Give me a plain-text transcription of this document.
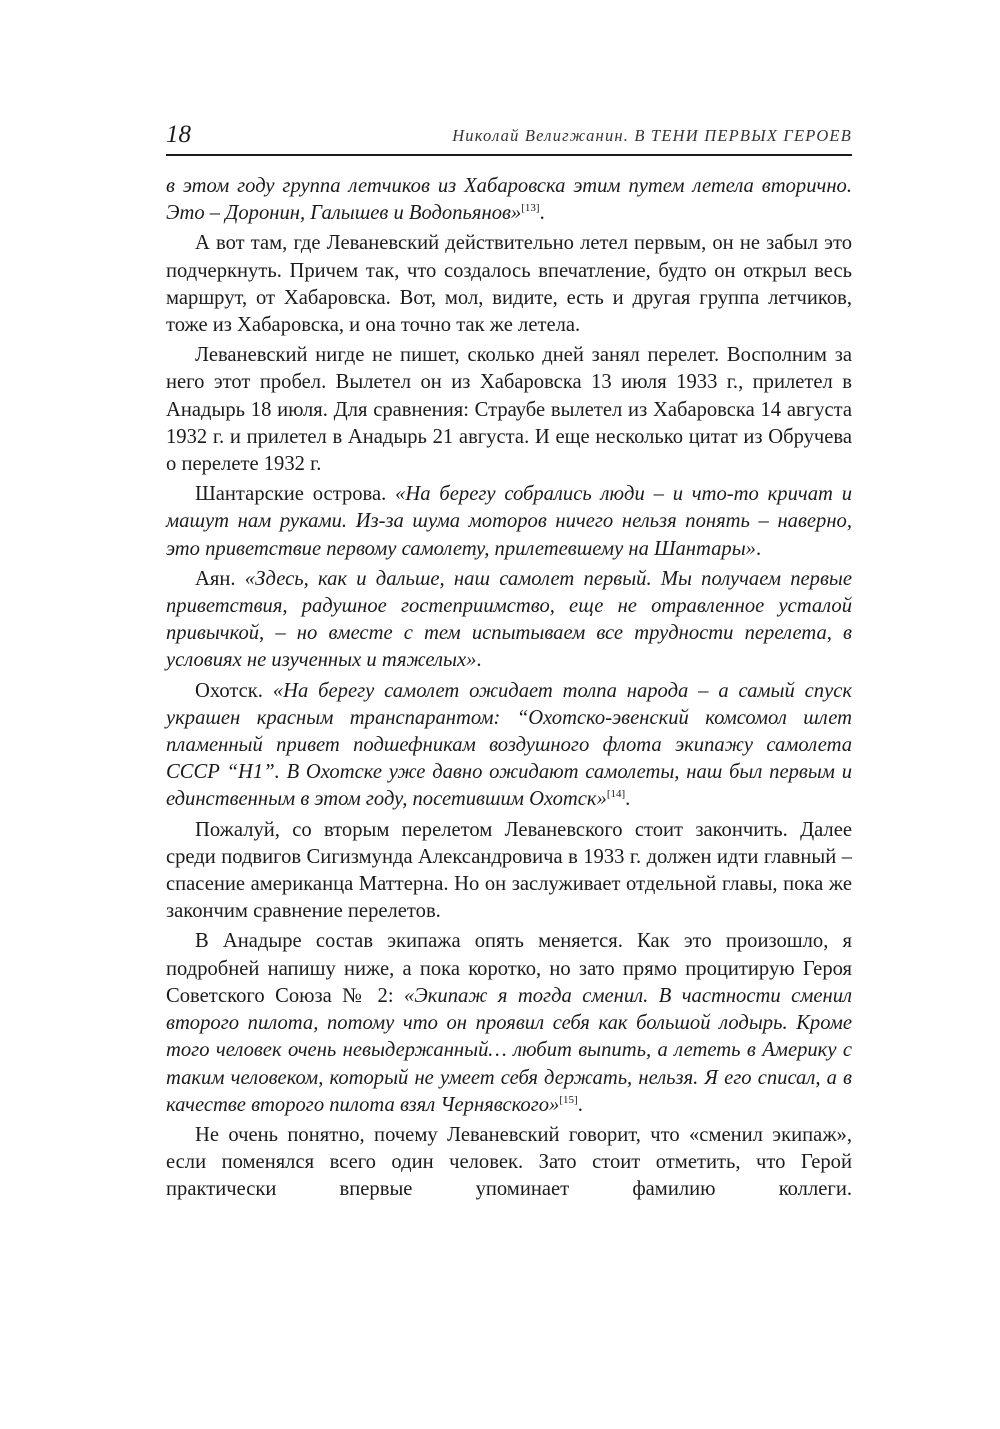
18	Николай Велигжанин. В ТЕНИ ПЕРВЫХ ГЕРОЕВ

в этом году группа летчиков из Хабаровска этим путем летела вторично. Это – Доронин, Галышев и Водопьянов»[13].

А вот там, где Леваневский действительно летел первым, он не забыл это подчеркнуть. Причем так, что создалось впечатление, будто он открыл весь маршрут, от Хабаровска. Вот, мол, видите, есть и другая группа летчиков, тоже из Хабаровска, и она точно так же летела.

Леваневский нигде не пишет, сколько дней занял перелет. Восполним за него этот пробел. Вылетел он из Хабаровска 13 июля 1933 г., прилетел в Анадырь 18 июля. Для сравнения: Страубе вылетел из Хабаровска 14 августа 1932 г. и прилетел в Анадырь 21 августа. И еще несколько цитат из Обручева о перелете 1932 г.

Шантарские острова. «На берегу собрались люди – и что-то кричат и машут нам руками. Из-за шума моторов ничего нельзя понять – наверно, это приветствие первому самолету, прилетевшему на Шантары».

Аян. «Здесь, как и дальше, наш самолет первый. Мы получаем первые приветствия, радушное гостеприимство, еще не отравленное усталой привычкой, – но вместе с тем испытываем все трудности перелета, в условиях не изученных и тяжелых».

Охотск. «На берегу самолет ожидает толпа народа – а самый спуск украшен красным транспарантом: “Охотско-эвенский комсомол шлет пламенный привет подшефникам воздушного флота экипажу самолета СССР “Н1”. В Охотске уже давно ожидают самолеты, наш был первым и единственным в этом году, посетившим Охотск»[14].

Пожалуй, со вторым перелетом Леваневского стоит закончить. Далее среди подвигов Сигизмунда Александровича в 1933 г. должен идти главный – спасение американца Маттерна. Но он заслуживает отдельной главы, пока же закончим сравнение перелетов.

В Анадыре состав экипажа опять меняется. Как это произошло, я подробней напишу ниже, а пока коротко, но зато прямо процитирую Героя Советского Союза № 2: «Экипаж я тогда сменил. В частности сменил второго пилота, потому что он проявил себя как большой лодырь. Кроме того человек очень невыдержанный… любит выпить, а лететь в Америку с таким человеком, который не умеет себя держать, нельзя. Я его списал, а в качестве второго пилота взял Чернявского»[15].

Не очень понятно, почему Леваневский говорит, что «сменил экипаж», если поменялся всего один человек. Зато стоит отметить, что Герой практически впервые упоминает фамилию коллеги.
